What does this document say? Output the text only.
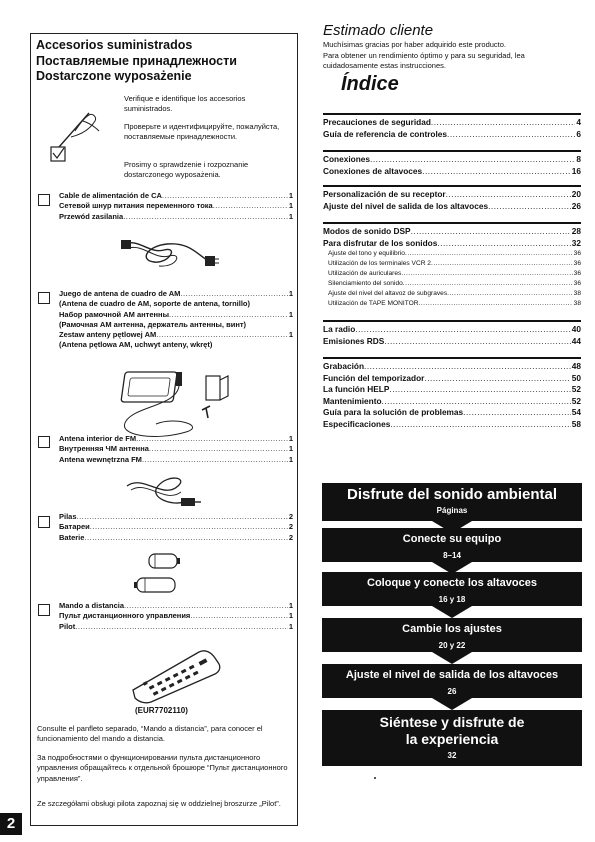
Accesorios suministrados
Поставляемые принадлежности
Dostarczone wyposażenie
Verifique e identifique los accesorios suministrados.
Проверьте и идентифицируйте, пожалуйста, поставляемые принадлежности.
Prosimy o sprawdzenie i rozpoznanie dostarczonego wyposażenia.
Cable de alimentación de CA .....	1
Сетевой шнур питания переменного тока .....	1
Przewód zasilania .....	1
Juego de antena de cuadro de AM .....	1
(Antena de cuadro de AM, soporte de antena, tornillo)
Набор рамочной AM антенны .....	1
(Рамочная AM антенна, держатель антенны, винт)
Zestaw anteny pętlowej AM .....	1
(Antena pętlowa AM, uchwyt anteny, wkręt)
Antena interior de FM .....	1
Внутренняя ЧМ антенна .....	1
Antena wewnętrzna FM .....	1
Pilas .....	2
Батареи .....	2
Baterie .....	2
Mando a distancia .....	1
Пульт дистанционного управления .....	1
Pilot .....	1
(EUR7702110)
Consulte el panfleto separado, “Mando a distancia”, para conocer el funcionamiento del mando a distancia.
За подробностями о функционировании пульта дистанционного управления обращайтесь к отдельной брошюре “Пульт дистанционного управления”.
Ze szczegółami obsługi pilota zapoznaj się w oddzielnej broszurze „Pilot”.
2
Estimado cliente
Muchísimas gracias por haber adquirido este producto.
Para obtener un rendimiento óptimo y para su seguridad, lea cuidadosamente estas instrucciones.
Índice
Precauciones de seguridad .....	4
Guía de referencia de controles .....	6
Conexiones .....	8
Conexiones de altavoces .....	16
Personalización de su receptor .....	20
Ajuste del nivel de salida de los altavoces .....	26
Modos de sonido DSP .....	28
Para disfrutar de los sonidos .....	32
Ajuste del tono y equilibrio .....	36
Utilización de los terminales VCR 2 .....	36
Utilización de auriculares .....	36
Silenciamiento del sonido .....	36
Ajuste del nivel del altavoz de subgraves .....	38
Utilización de TAPE MONITOR .....	38
La radio .....	40
Emisiones RDS .....	44
Grabación .....	48
Función del temporizador .....	50
La función HELP .....	52
Mantenimiento .....	52
Guía para la solución de problemas .....	54
Especificaciones .....	58
Disfrute del sonido ambiental
Páginas
Conecte su equipo
8–14
Coloque y conecte los altavoces
16 y 18
Cambie los ajustes
20 y 22
Ajuste el nivel de salida de los altavoces
26
Siéntese y disfrute de la experiencia
32
